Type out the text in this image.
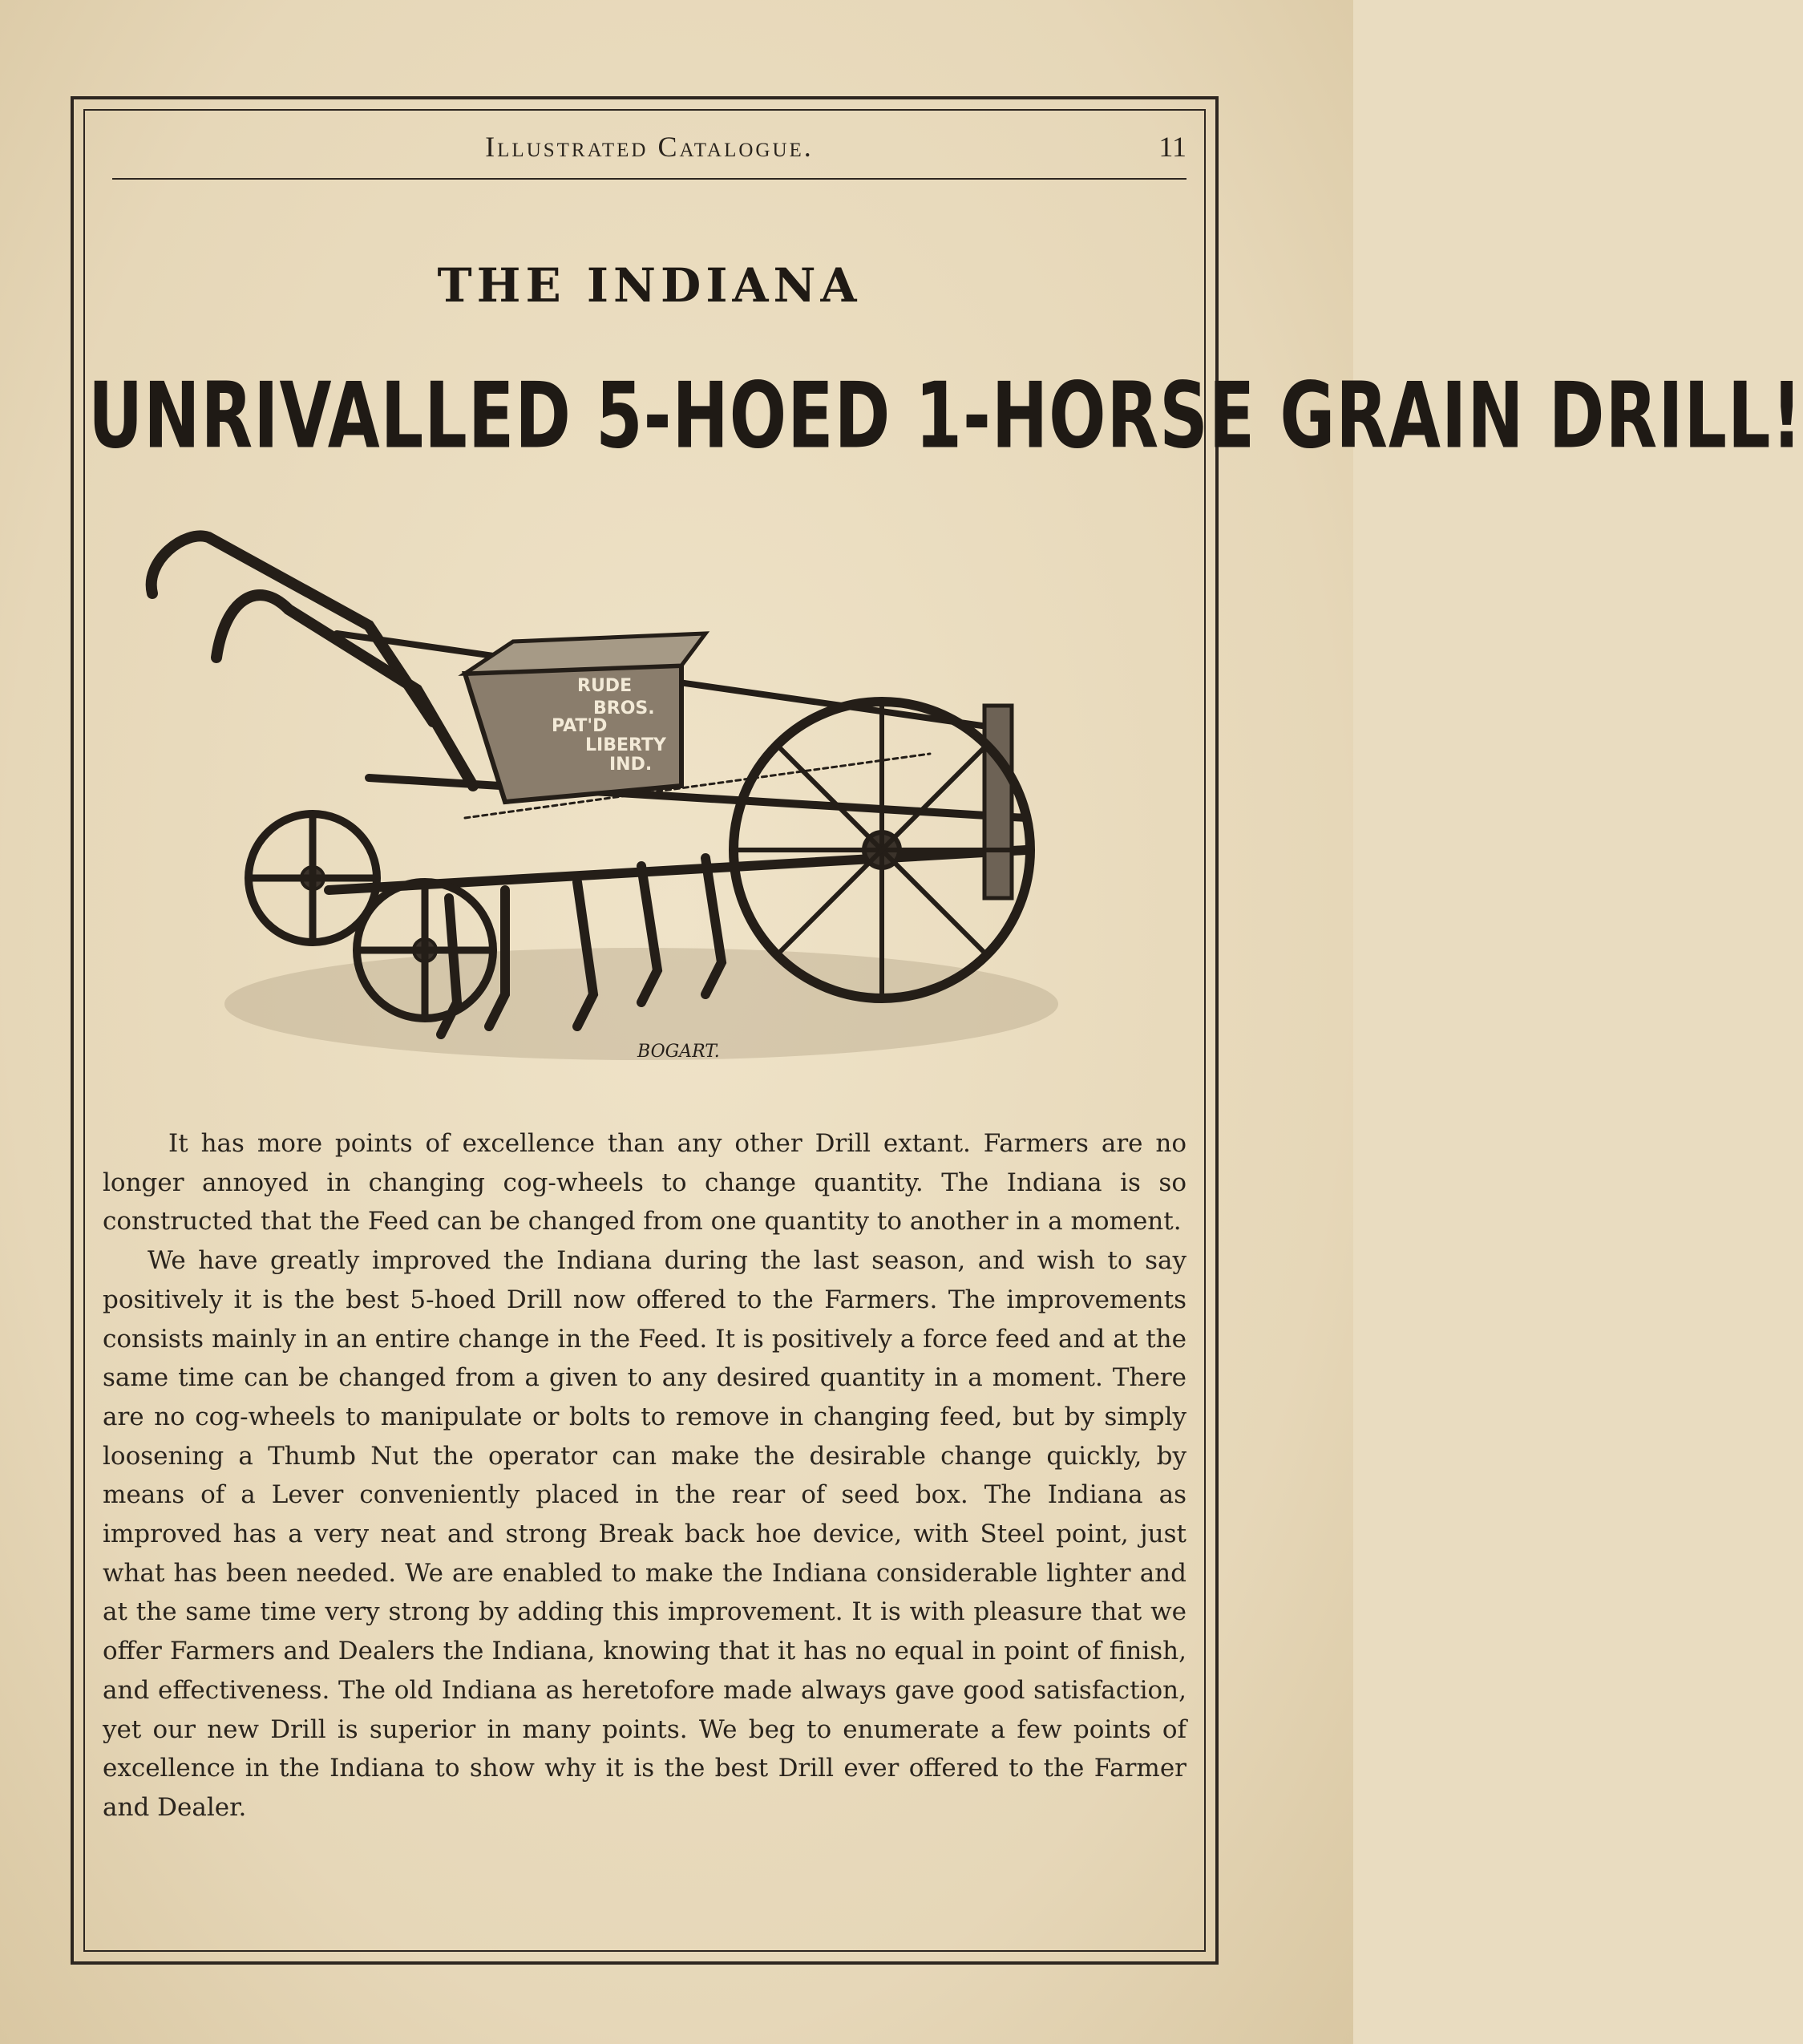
Illustrated Catalogue.	11
THE INDIANA
UNRIVALLED 5-HOED 1-HORSE GRAIN DRILL!
RUDE
BROS.
PAT'D
LIBERTY
IND.
BOGART.

It has more points of excellence than any other Drill extant. Farmers are no longer annoyed in changing cog-wheels to change quantity. The Indiana is so constructed that the Feed can be changed from one quantity to another in a moment.

We have greatly improved the Indiana during the last season, and wish to say positively it is the best 5-hoed Drill now offered to the Farmers. The improvements consists mainly in an entire change in the Feed. It is positively a force feed and at the same time can be changed from a given to any desired quantity in a moment. There are no cog-wheels to manipulate or bolts to remove in changing feed, but by simply loosening a Thumb Nut the operator can make the desirable change quickly, by means of a Lever conveniently placed in the rear of seed box. The Indiana as improved has a very neat and strong Break back hoe device, with Steel point, just what has been needed. We are enabled to make the Indiana considerable lighter and at the same time very strong by adding this improvement. It is with pleasure that we offer Farmers and Dealers the Indiana, knowing that it has no equal in point of finish, and effectiveness. The old Indiana as heretofore made always gave good satisfaction, yet our new Drill is superior in many points. We beg to enumerate a few points of excellence in the Indiana to show why it is the best Drill ever offered to the Farmer and Dealer.
